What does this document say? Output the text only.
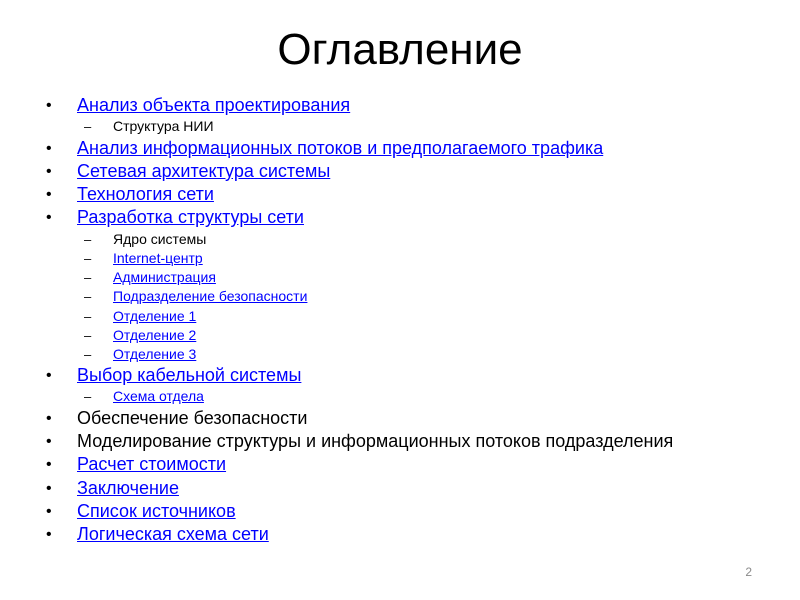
Оглавление
• Анализ объекта проектирования
– Структура НИИ
• Анализ информационных потоков и предполагаемого трафика
• Сетевая архитектура системы
• Технология сети
• Разработка структуры сети
– Ядро системы
– Internet-центр
– Администрация
– Подразделение безопасности
– Отделение 1
– Отделение 2
– Отделение 3
• Выбор кабельной системы
– Схема отдела
• Обеспечение безопасности
• Моделирование структуры и информационных потоков подразделения
• Расчет стоимости
• Заключение
• Список источников
• Логическая схема сети
2
